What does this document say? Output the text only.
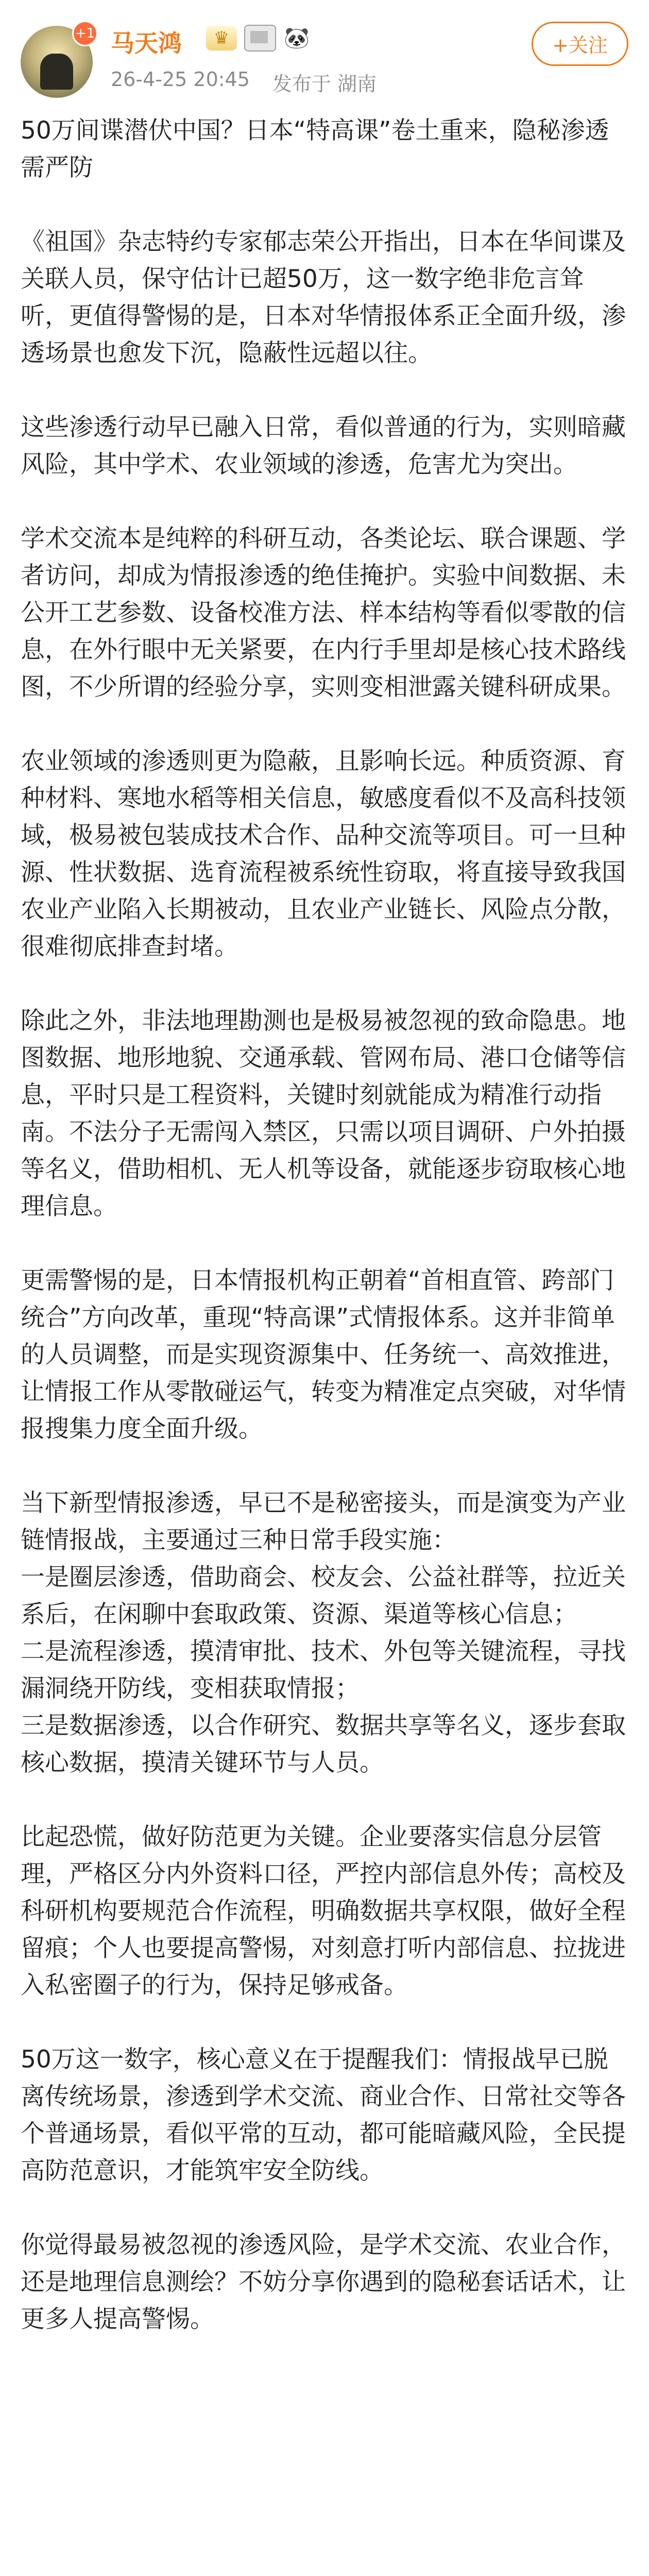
+1 马天鸿	♛	🐼
26-4-25 20:45 发布于 湖南
+关注

50万间谍潜伏中国？日本“特高课”卷土重来，隐秘渗透需严防

《祖国》杂志特约专家郁志荣公开指出，日本在华间谍及关联人员，保守估计已超50万，这一数字绝非危言耸听，更值得警惕的是，日本对华情报体系正全面升级，渗透场景也愈发下沉，隐蔽性远超以往。

这些渗透行动早已融入日常，看似普通的行为，实则暗藏风险，其中学术、农业领域的渗透，危害尤为突出。

学术交流本是纯粹的科研互动，各类论坛、联合课题、学者访问，却成为情报渗透的绝佳掩护。实验中间数据、未公开工艺参数、设备校准方法、样本结构等看似零散的信息，在外行眼中无关紧要，在内行手里却是核心技术路线图，不少所谓的经验分享，实则变相泄露关键科研成果。

农业领域的渗透则更为隐蔽，且影响长远。种质资源、育种材料、寒地水稻等相关信息，敏感度看似不及高科技领域，极易被包装成技术合作、品种交流等项目。可一旦种源、性状数据、选育流程被系统性窃取，将直接导致我国农业产业陷入长期被动，且农业产业链长、风险点分散，很难彻底排查封堵。

除此之外，非法地理勘测也是极易被忽视的致命隐患。地图数据、地形地貌、交通承载、管网布局、港口仓储等信息，平时只是工程资料，关键时刻就能成为精准行动指南。不法分子无需闯入禁区，只需以项目调研、户外拍摄等名义，借助相机、无人机等设备，就能逐步窃取核心地理信息。

更需警惕的是，日本情报机构正朝着“首相直管、跨部门统合”方向改革，重现“特高课”式情报体系。这并非简单的人员调整，而是实现资源集中、任务统一、高效推进，让情报工作从零散碰运气，转变为精准定点突破，对华情报搜集力度全面升级。

当下新型情报渗透，早已不是秘密接头，而是演变为产业链情报战，主要通过三种日常手段实施：
一是圈层渗透，借助商会、校友会、公益社群等，拉近关系后，在闲聊中套取政策、资源、渠道等核心信息；
二是流程渗透，摸清审批、技术、外包等关键流程，寻找漏洞绕开防线，变相获取情报；
三是数据渗透，以合作研究、数据共享等名义，逐步套取核心数据，摸清关键环节与人员。

比起恐慌，做好防范更为关键。企业要落实信息分层管理，严格区分内外资料口径，严控内部信息外传；高校及科研机构要规范合作流程，明确数据共享权限，做好全程留痕；个人也要提高警惕，对刻意打听内部信息、拉拢进入私密圈子的行为，保持足够戒备。

50万这一数字，核心意义在于提醒我们：情报战早已脱离传统场景，渗透到学术交流、商业合作、日常社交等各个普通场景，看似平常的互动，都可能暗藏风险，全民提高防范意识，才能筑牢安全防线。

你觉得最易被忽视的渗透风险，是学术交流、农业合作，还是地理信息测绘？不妨分享你遇到的隐秘套话话术，让更多人提高警惕。
